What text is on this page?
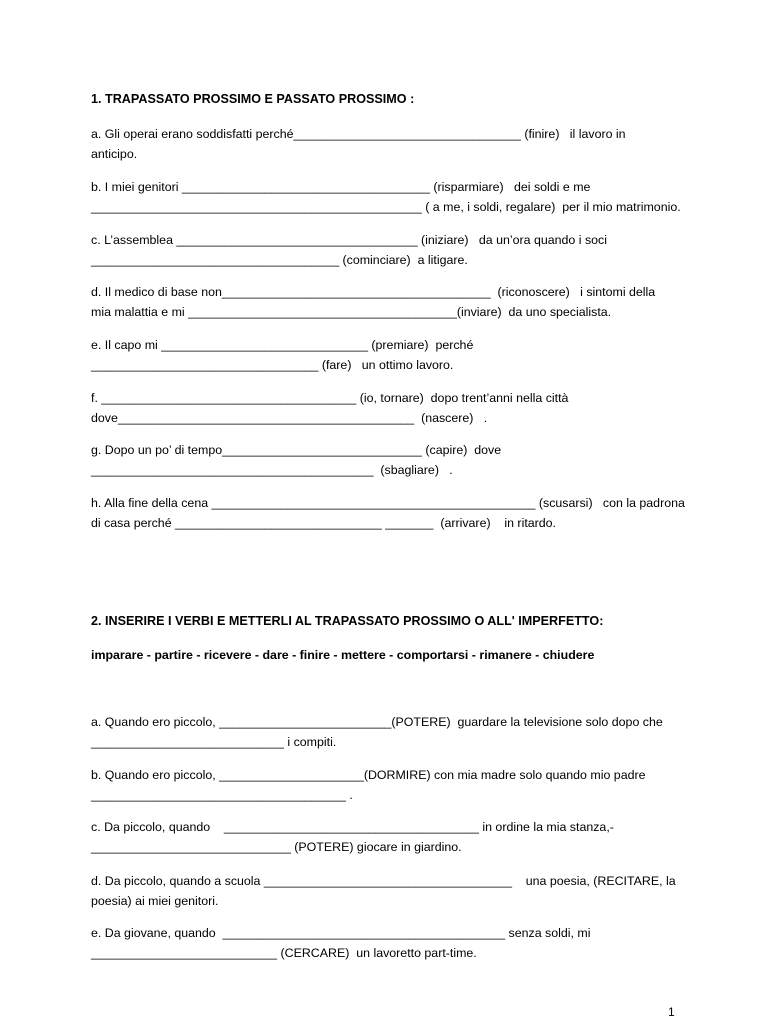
1. TRAPASSATO PROSSIMO E PASSATO PROSSIMO :
a. Gli operai erano soddisfatti perché_________________________________ (finire)   il lavoro in
anticipo.
b. I miei genitori ____________________________________ (risparmiare)   dei soldi e me
________________________________________________ ( a me, i soldi, regalare)  per il mio matrimonio.
c. L’assemblea ___________________________________ (iniziare)   da un’ora quando i soci
____________________________________ (cominciare)  a litigare.
d. Il medico di base non_______________________________________  (riconoscere)   i sintomi della
mia malattia e mi _______________________________________(inviare)  da uno specialista.
e. Il capo mi ______________________________ (premiare)  perché
_________________________________ (fare)   un ottimo lavoro.
f. _____________________________________ (io, tornare)  dopo trent’anni nella città
dove___________________________________________  (nascere)   .
g. Dopo un po’ di tempo_____________________________ (capire)  dove
_________________________________________  (sbagliare)   .
h. Alla fine della cena _______________________________________________ (scusarsi)   con la padrona
di casa perché ______________________________ _______  (arrivare)    in ritardo.
2. INSERIRE I VERBI E METTERLI AL TRAPASSATO PROSSIMO O ALL' IMPERFETTO:
imparare - partire - ricevere - dare - finire - mettere - comportarsi - rimanere - chiudere
a. Quando ero piccolo, _________________________(POTERE)  guardare la televisione solo dopo che
____________________________ i compiti.
b. Quando ero piccolo, _____________________(DORMIRE) con mia madre solo quando mio padre
_____________________________________ .
c. Da piccolo, quando    _____________________________________ in ordine la mia stanza,-
_____________________________ (POTERE) giocare in giardino.
d. Da piccolo, quando a scuola ____________________________________    una poesia, (RECITARE, la
poesia) ai miei genitori.
e. Da giovane, quando  _________________________________________ senza soldi, mi
___________________________ (CERCARE)  un lavoretto part-time.
1
